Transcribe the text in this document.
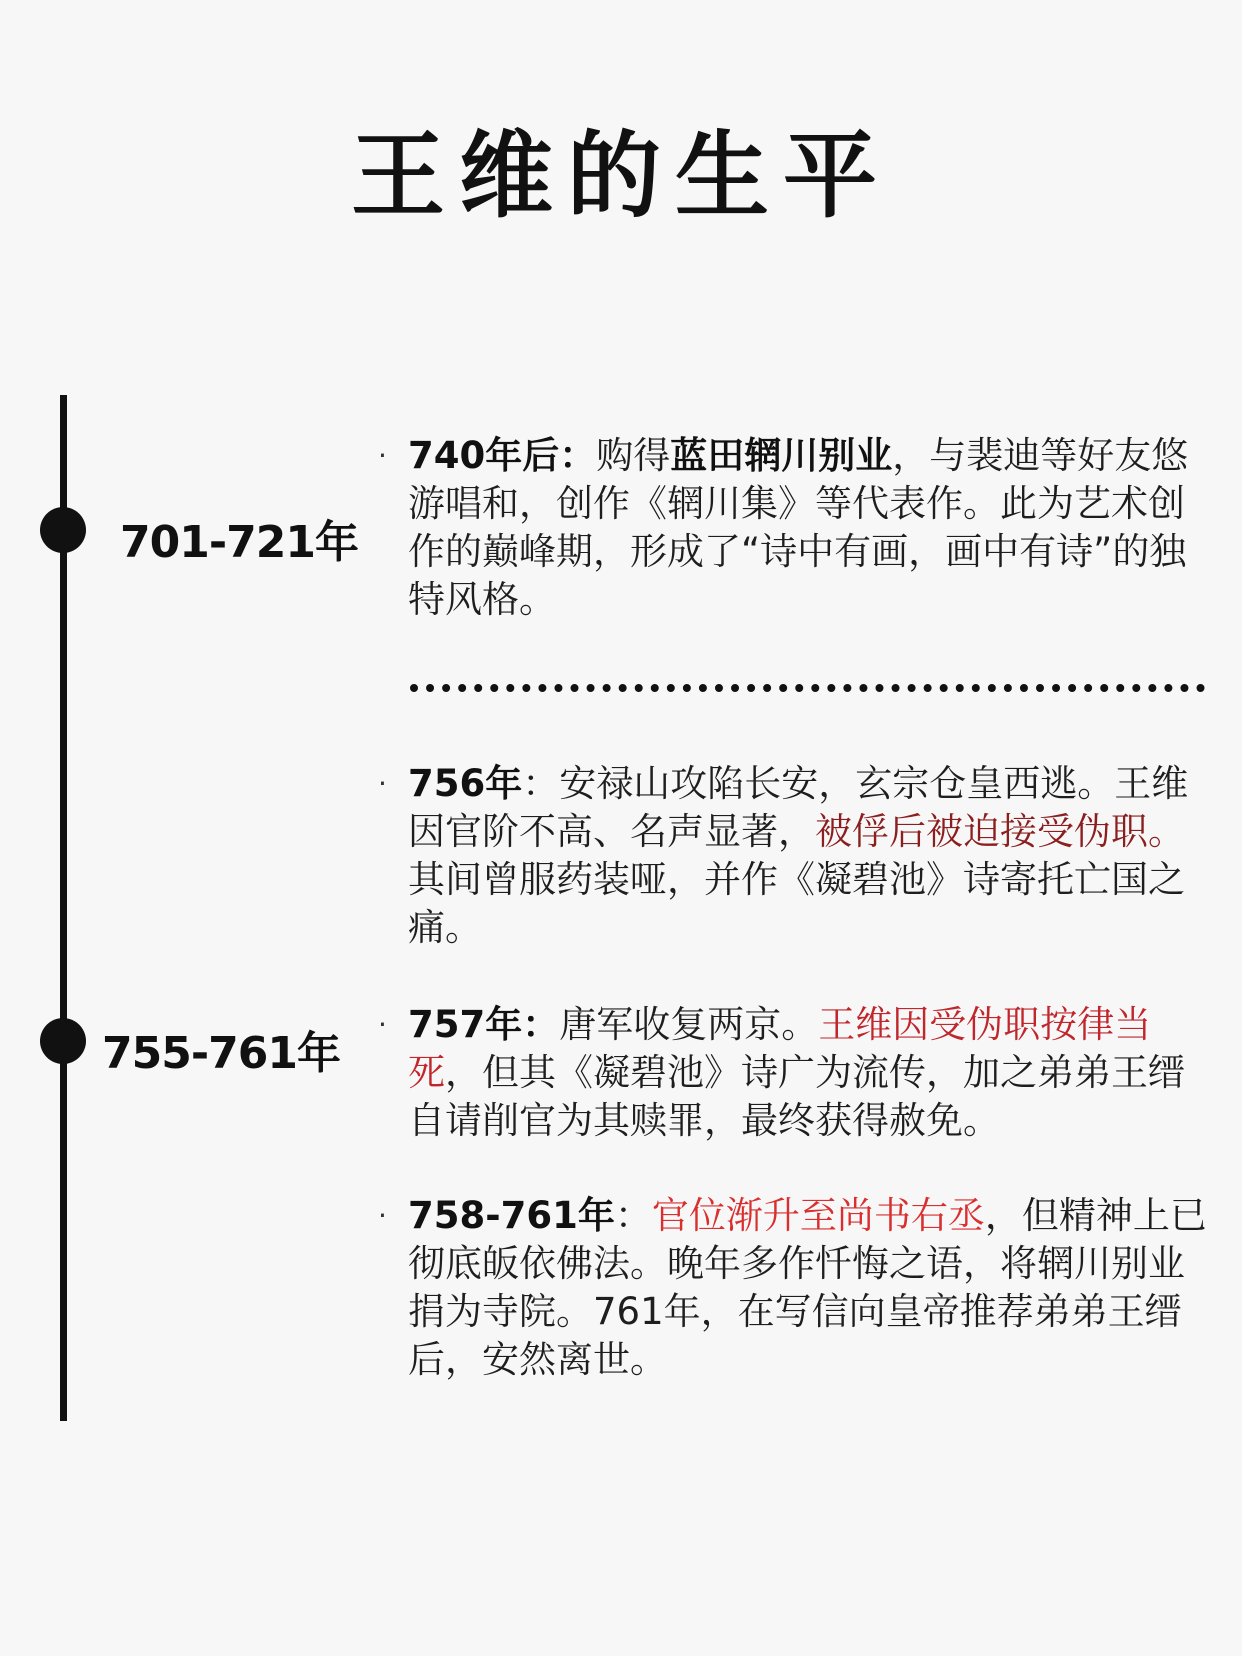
王维的生平
701-721年
755-761年
· 740年后：购得蓝田辋川别业，与裴迪等好友悠游唱和，创作《辋川集》等代表作。此为艺术创作的巅峰期，形成了“诗中有画，画中有诗”的独特风格。
· 756年：安禄山攻陷长安，玄宗仓皇西逃。王维因官阶不高、名声显著，被俘后被迫接受伪职。其间曾服药装哑，并作《凝碧池》诗寄托亡国之痛。
· 757年：唐军收复两京。王维因受伪职按律当死，但其《凝碧池》诗广为流传，加之弟弟王缙自请削官为其赎罪，最终获得赦免。
· 758-761年：官位渐升至尚书右丞，但精神上已彻底皈依佛法。晚年多作忏悔之语，将辋川别业捐为寺院。761年，在写信向皇帝推荐弟弟王缙后，安然离世。
